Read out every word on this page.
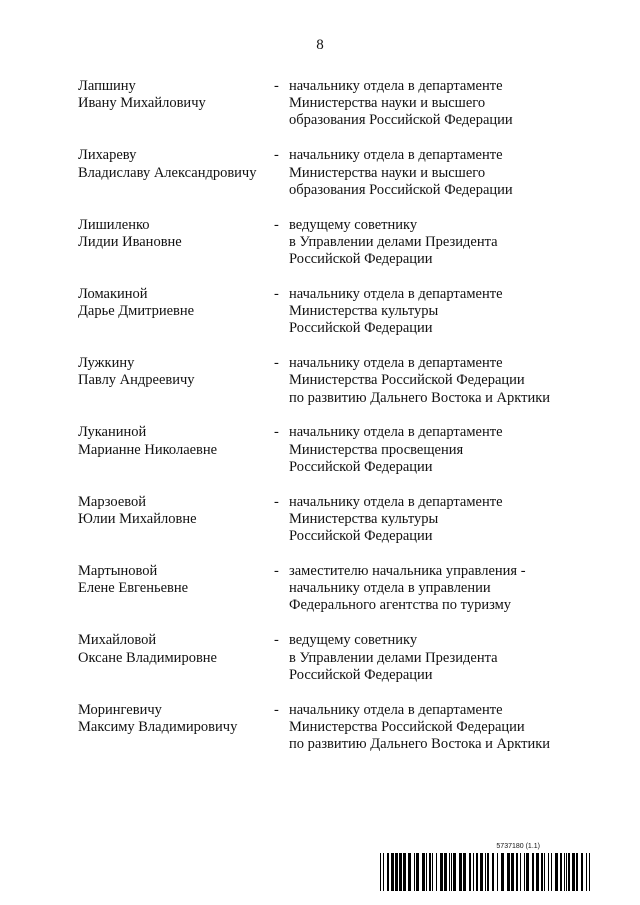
8
Лапшину
Ивану Михайловичу
- начальнику отдела в департаменте
Министерства науки и высшего
образования Российской Федерации
Лихареву
Владиславу Александровичу
- начальнику отдела в департаменте
Министерства науки и высшего
образования Российской Федерации
Лишиленко
Лидии Ивановне
- ведущему советнику
в Управлении делами Президента
Российской Федерации
Ломакиной
Дарье Дмитриевне
- начальнику отдела в департаменте
Министерства культуры
Российской Федерации
Лужкину
Павлу Андреевичу
- начальнику отдела в департаменте
Министерства Российской Федерации
по развитию Дальнего Востока и Арктики
Луканиной
Марианне Николаевне
- начальнику отдела в департаменте
Министерства просвещения
Российской Федерации
Марзоевой
Юлии Михайловне
- начальнику отдела в департаменте
Министерства культуры
Российской Федерации
Мартыновой
Елене Евгеньевне
- заместителю начальника управления -
начальнику отдела в управлении
Федерального агентства по туризму
Михайловой
Оксане Владимировне
- ведущему советнику
в Управлении делами Президента
Российской Федерации
Морингевичу
Максиму Владимировичу
- начальнику отдела в департаменте
Министерства Российской Федерации
по развитию Дальнего Востока и Арктики
5737180 (1.1)
